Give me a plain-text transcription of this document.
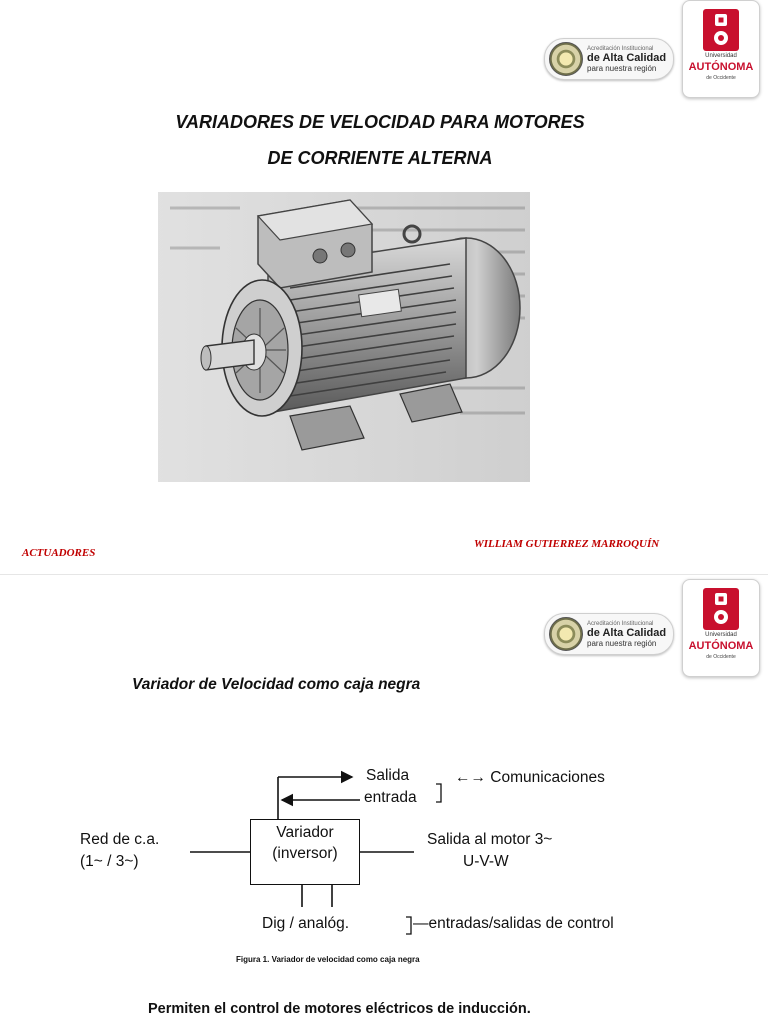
Acreditación Institucional
de Alta Calidad
para nuestra región
Universidad
AUTÓNOMA
de Occidente
VARIADORES DE VELOCIDAD PARA MOTORES
DE CORRIENTE ALTERNA
ACTUADORES
WILLIAM GUTIERREZ MARROQUÍN
Acreditación Institucional
de Alta Calidad
para nuestra región
Universidad
AUTÓNOMA
de Occidente
Variador de Velocidad como caja negra
Salida
entrada
←→ Comunicaciones
Red de c.a.
(1~ / 3~)
Variador
(inversor)
Salida al motor 3~
U-V-W
Dig / analóg.	—entradas/salidas de control
Figura 1. Variador de velocidad como caja negra
Permiten el control de motores eléctricos de inducción.
